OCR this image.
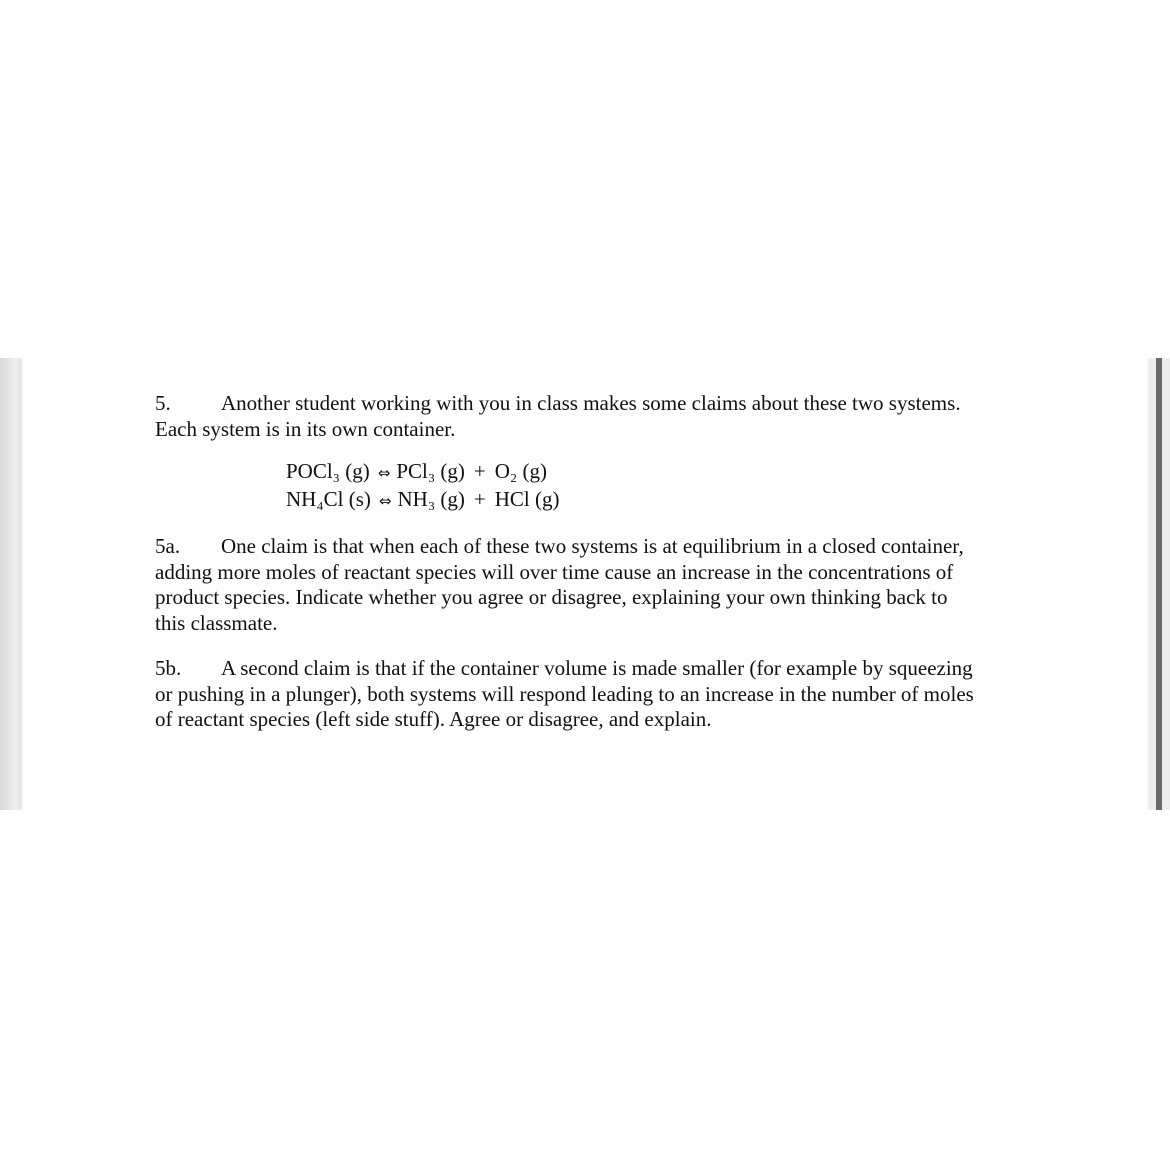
5. Another student working with you in class makes some claims about these two systems.
Each system is in its own container.

POCl₃ (g) ⇔ PCl₃ (g) + O₂ (g)
NH₄Cl (s) ⇔ NH₃ (g) + HCl (g)

5a. One claim is that when each of these two systems is at equilibrium in a closed container,
adding more moles of reactant species will over time cause an increase in the concentrations of
product species. Indicate whether you agree or disagree, explaining your own thinking back to
this classmate.

5b. A second claim is that if the container volume is made smaller (for example by squeezing
or pushing in a plunger), both systems will respond leading to an increase in the number of moles
of reactant species (left side stuff). Agree or disagree, and explain.
